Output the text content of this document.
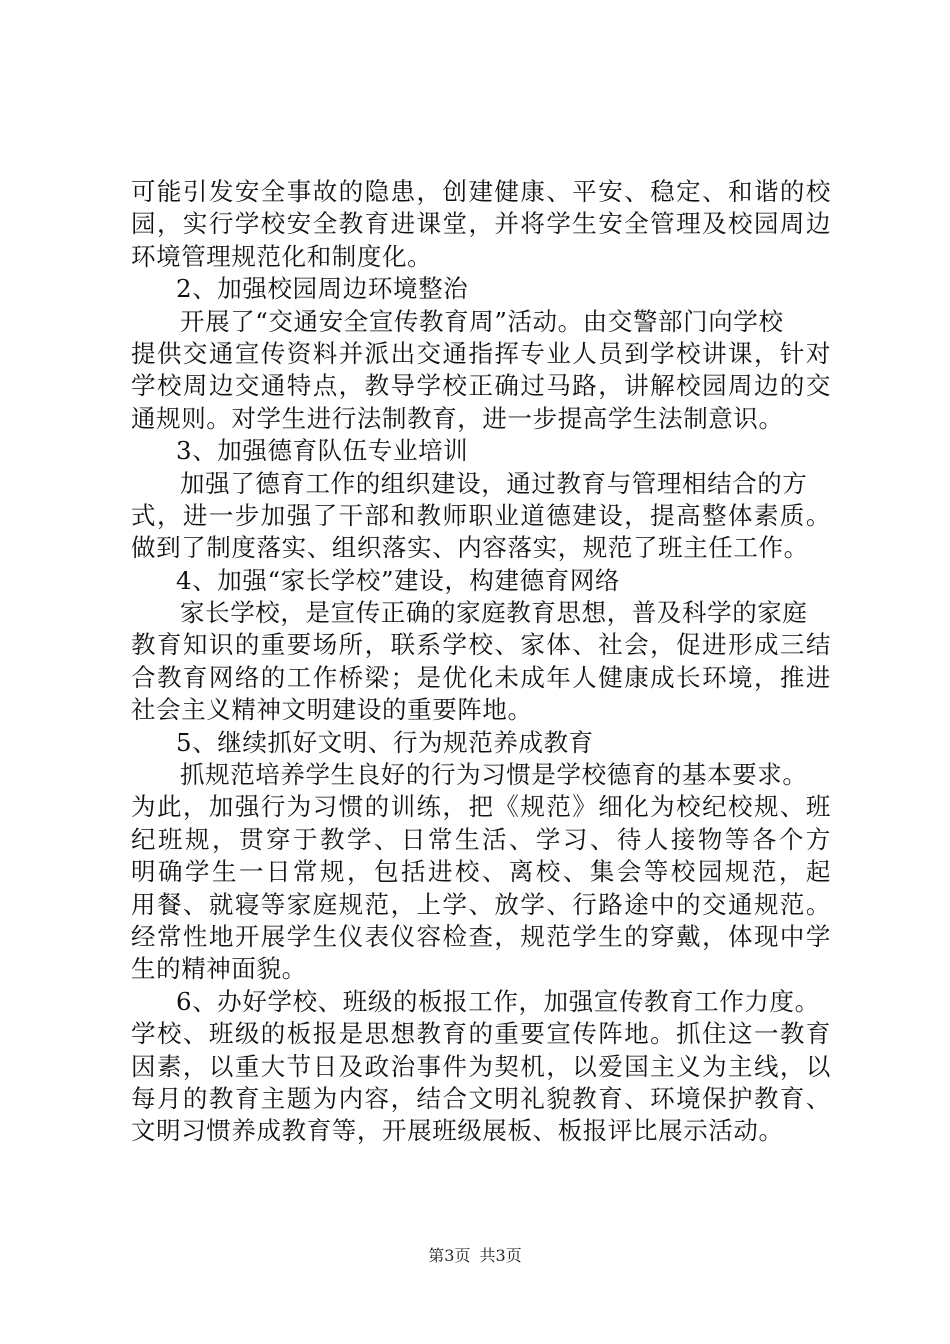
可能引发安全事故的隐患，创建健康、平安、稳定、和谐的校
园，实行学校安全教育进课堂，并将学生安全管理及校园周边
环境管理规范化和制度化。
2、加强校园周边环境整治
开展了“交通安全宣传教育周”活动。由交警部门向学校
提供交通宣传资料并派出交通指挥专业人员到学校讲课，针对
学校周边交通特点，教导学校正确过马路，讲解校园周边的交
通规则。对学生进行法制教育，进一步提高学生法制意识。
3、加强德育队伍专业培训
加强了德育工作的组织建设，通过教育与管理相结合的方
式，进一步加强了干部和教师职业道德建设，提高整体素质。
做到了制度落实、组织落实、内容落实，规范了班主任工作。
4、加强“家长学校”建设，构建德育网络
家长学校，是宣传正确的家庭教育思想，普及科学的家庭
教育知识的重要场所，联系学校、家体、社会，促进形成三结
合教育网络的工作桥梁；是优化未成年人健康成长环境，推进
社会主义精神文明建设的重要阵地。
5、继续抓好文明、行为规范养成教育
抓规范培养学生良好的行为习惯是学校德育的基本要求。
为此，加强行为习惯的训练，把《规范》细化为校纪校规、班
纪班规，贯穿于教学、日常生活、学习、待人接物等各个方
明确学生一日常规，包括进校、离校、集会等校园规范，起
用餐、就寝等家庭规范，上学、放学、行路途中的交通规范。
经常性地开展学生仪表仪容检查，规范学生的穿戴，体现中学
生的精神面貌。
6、办好学校、班级的板报工作，加强宣传教育工作力度。
学校、班级的板报是思想教育的重要宣传阵地。抓住这一教育
因素，以重大节日及政治事件为契机，以爱国主义为主线，以
每月的教育主题为内容，结合文明礼貌教育、环境保护教育、
文明习惯养成教育等，开展班级展板、板报评比展示活动。
第3页 共3页
